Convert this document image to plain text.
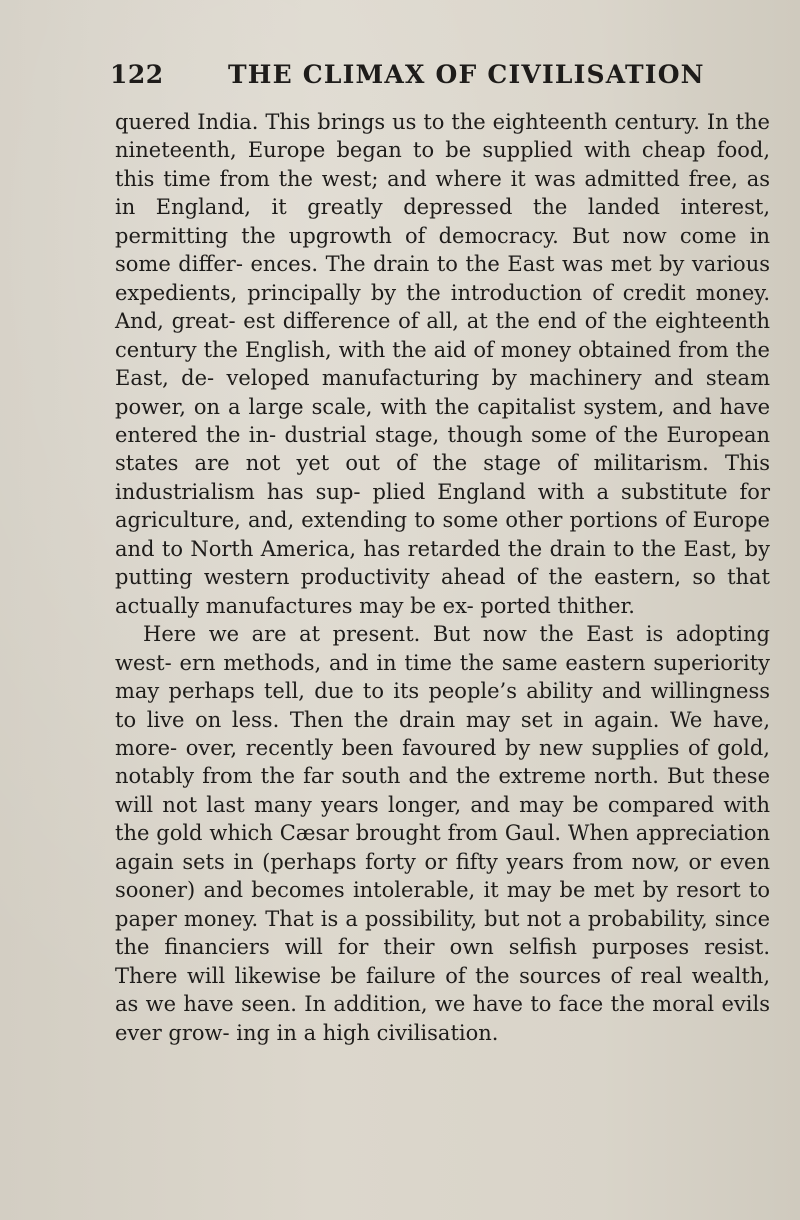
122	THE CLIMAX OF CIVILISATION

quered India. This brings us to the eighteenth century. In the nineteenth, Europe began to be supplied with cheap food, this time from the west; and where it was admitted free, as in England, it greatly depressed the landed interest, permitting the upgrowth of democracy. But now come in some differ- ences. The drain to the East was met by various expedients, principally by the introduction of credit money. And, great- est difference of all, at the end of the eighteenth century the English, with the aid of money obtained from the East, de- veloped manufacturing by machinery and steam power, on a large scale, with the capitalist system, and have entered the in- dustrial stage, though some of the European states are not yet out of the stage of militarism. This industrialism has sup- plied England with a substitute for agriculture, and, extending to some other portions of Europe and to North America, has retarded the drain to the East, by putting western productivity ahead of the eastern, so that actually manufactures may be ex- ported thither.

Here we are at present. But now the East is adopting west- ern methods, and in time the same eastern superiority may perhaps tell, due to its people’s ability and willingness to live on less. Then the drain may set in again. We have, more- over, recently been favoured by new supplies of gold, notably from the far south and the extreme north. But these will not last many years longer, and may be compared with the gold which Cæsar brought from Gaul. When appreciation again sets in (perhaps forty or fifty years from now, or even sooner) and becomes intolerable, it may be met by resort to paper money. That is a possibility, but not a probability, since the financiers will for their own selfish purposes resist. There will likewise be failure of the sources of real wealth, as we have seen. In addition, we have to face the moral evils ever grow- ing in a high civilisation.
